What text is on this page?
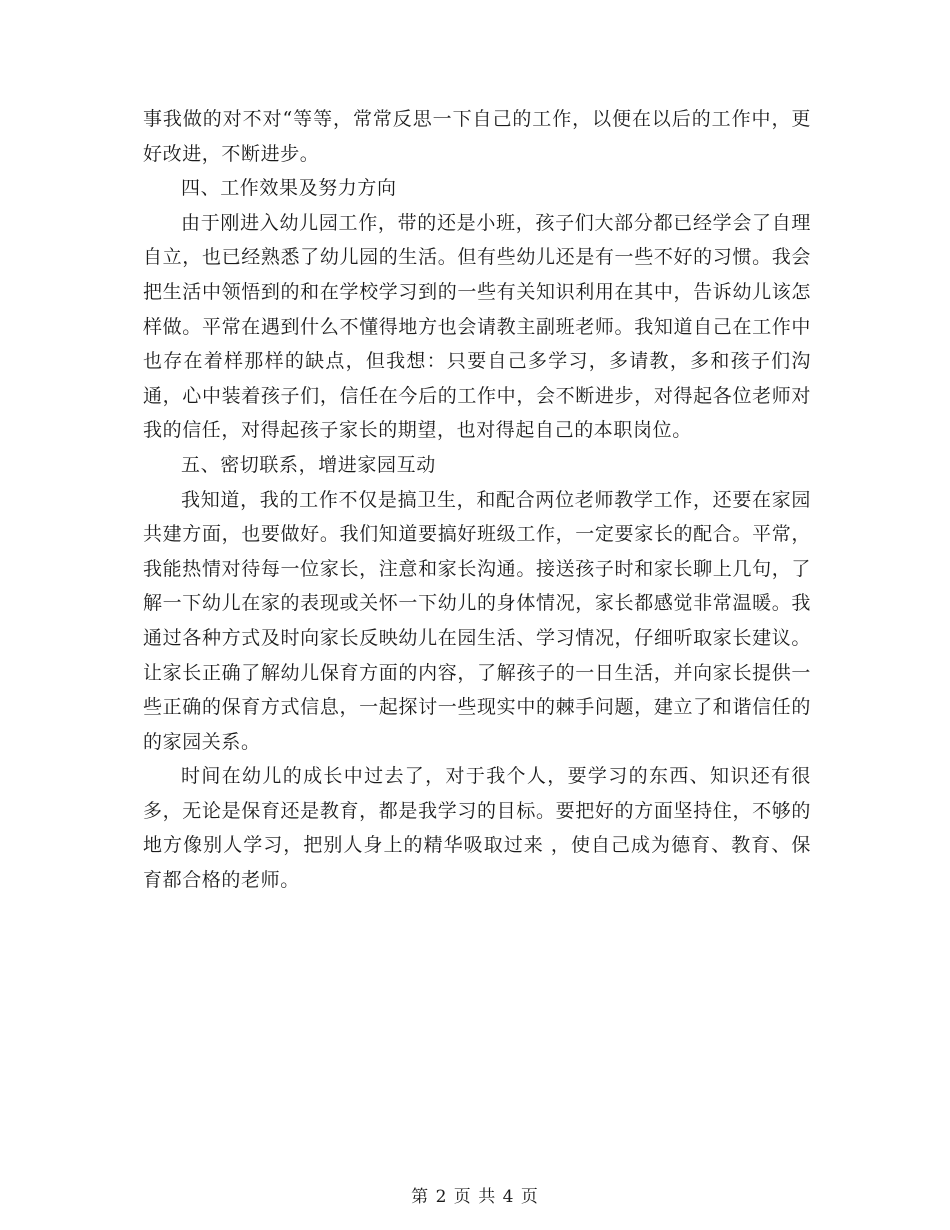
事我做的对不对“等等，常常反思一下自己的工作，以便在以后的工作中，更好改进，不断进步。

四、工作效果及努力方向

由于刚进入幼儿园工作，带的还是小班，孩子们大部分都已经学会了自理自立，也已经熟悉了幼儿园的生活。但有些幼儿还是有一些不好的习惯。我会把生活中领悟到的和在学校学习到的一些有关知识利用在其中，告诉幼儿该怎样做。平常在遇到什么不懂得地方也会请教主副班老师。我知道自己在工作中也存在着样那样的缺点，但我想：只要自己多学习，多请教，多和孩子们沟通，心中装着孩子们，信任在今后的工作中，会不断进步，对得起各位老师对我的信任，对得起孩子家长的期望，也对得起自己的本职岗位。

五、密切联系，增进家园互动

我知道，我的工作不仅是搞卫生，和配合两位老师教学工作，还要在家园共建方面，也要做好。我们知道要搞好班级工作，一定要家长的配合。平常，我能热情对待每一位家长，注意和家长沟通。接送孩子时和家长聊上几句，了解一下幼儿在家的表现或关怀一下幼儿的身体情况，家长都感觉非常温暖。我通过各种方式及时向家长反映幼儿在园生活、学习情况，仔细听取家长建议。让家长正确了解幼儿保育方面的内容，了解孩子的一日生活，并向家长提供一些正确的保育方式信息，一起探讨一些现实中的棘手问题，建立了和谐信任的的家园关系。

时间在幼儿的成长中过去了，对于我个人，要学习的东西、知识还有很多，无论是保育还是教育，都是我学习的目标。要把好的方面坚持住，不够的地方像别人学习，把别人身上的精华吸取过来 ，使自己成为德育、教育、保育都合格的老师。

第 2 页 共 4 页
